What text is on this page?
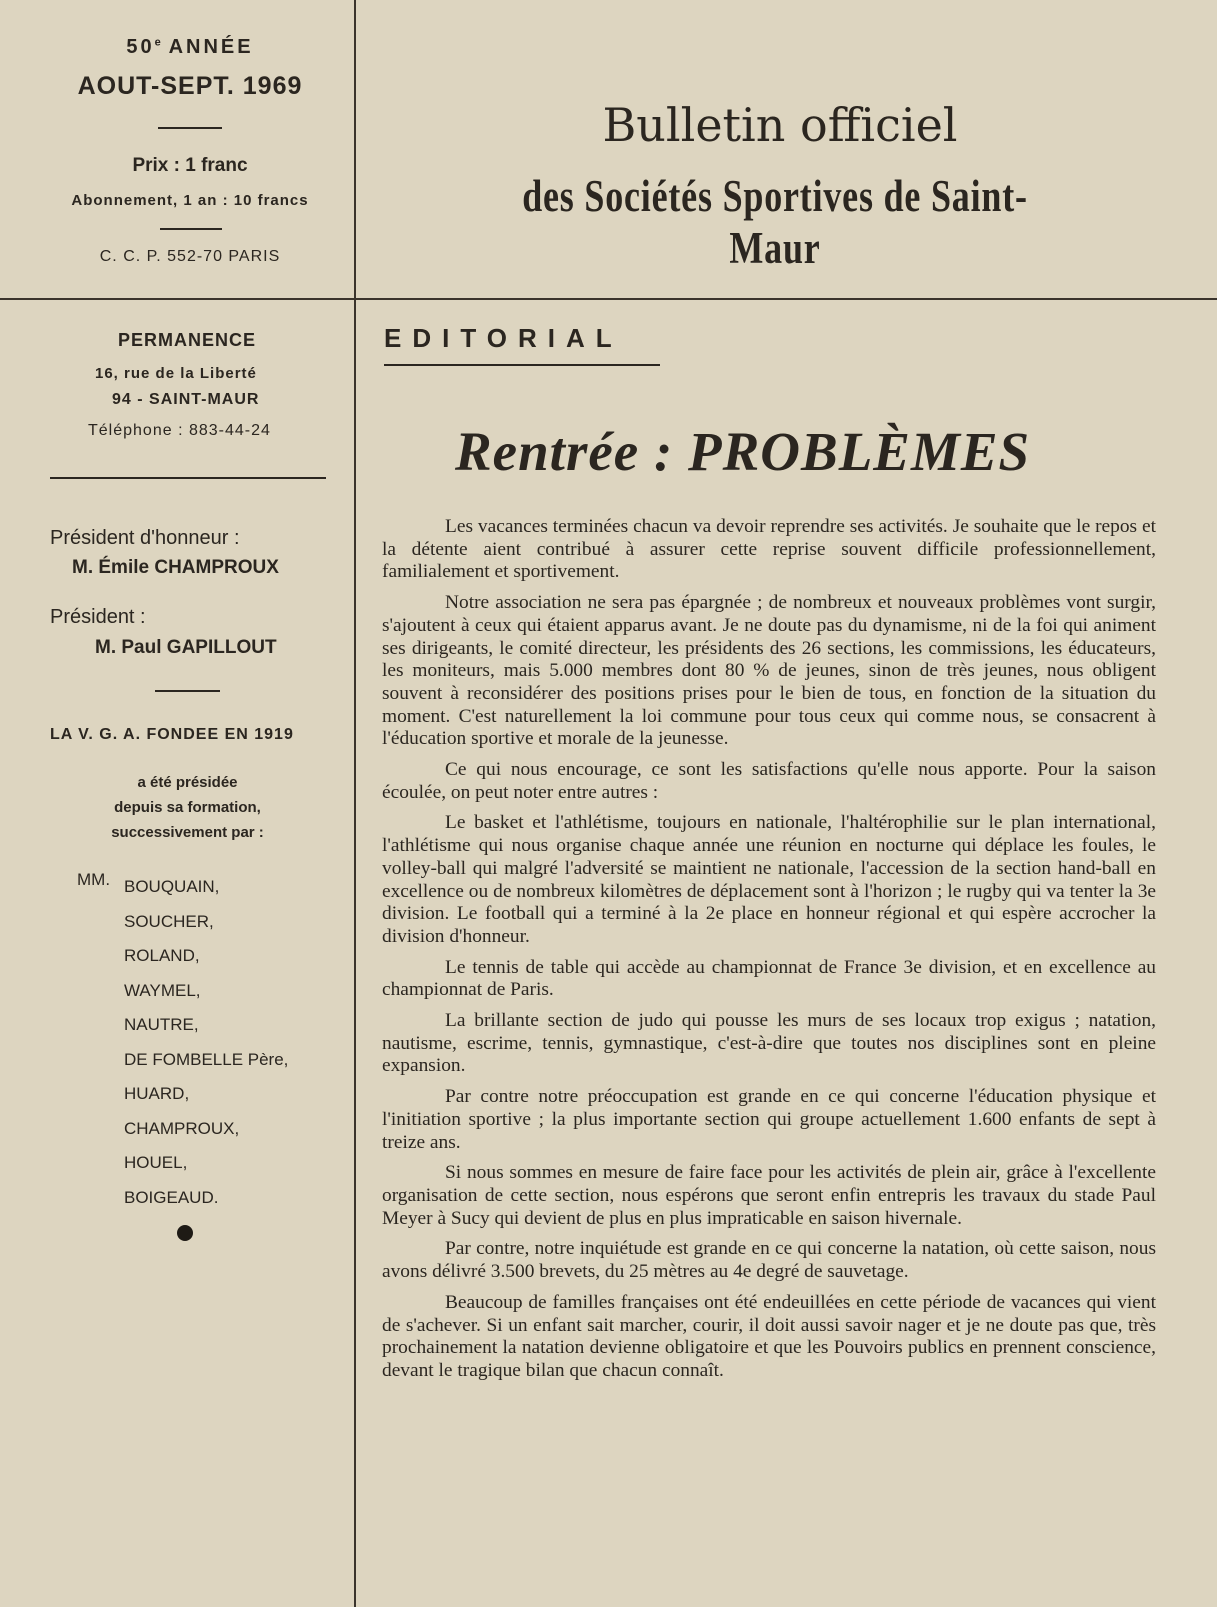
50e ANNÉE
AOUT-SEPT. 1969
Prix : 1 franc
Abonnement, 1 an : 10 francs
C. C. P. 552-70 PARIS
Bulletin officiel
des Sociétés Sportives de Saint-Maur
PERMANENCE
16, rue de la Liberté
94 - SAINT-MAUR
Téléphone : 883-44-24
Président d'honneur :
M. Émile CHAMPROUX
Président :
M. Paul GAPILLOUT
LA V. G. A. FONDEE EN 1919
a été présidée
depuis sa formation,
successivement par :
MM. BOUQUAIN,
SOUCHER,
ROLAND,
WAYMEL,
NAUTRE,
DE FOMBELLE Père,
HUARD,
CHAMPROUX,
HOUEL,
BOIGEAUD.
EDITORIAL
Rentrée : PROBLÈMES

Les vacances terminées chacun va devoir reprendre ses activités. Je souhaite que le repos et la détente aient contribué à assurer cette reprise souvent difficile professionnellement, familialement et sportivement.

Notre association ne sera pas épargnée ; de nombreux et nouveaux problèmes vont surgir, s'ajoutent à ceux qui étaient apparus avant. Je ne doute pas du dynamisme, ni de la foi qui animent ses dirigeants, le comité directeur, les présidents des 26 sections, les commissions, les éducateurs, les moniteurs, mais 5.000 membres dont 80 % de jeunes, sinon de très jeunes, nous obligent souvent à reconsidérer des positions prises pour le bien de tous, en fonction de la situation du moment. C'est naturellement la loi commune pour tous ceux qui comme nous, se consacrent à l'éducation sportive et morale de la jeunesse.

Ce qui nous encourage, ce sont les satisfactions qu'elle nous apporte. Pour la saison écoulée, on peut noter entre autres :

Le basket et l'athlétisme, toujours en nationale, l'haltérophilie sur le plan international, l'athlétisme qui nous organise chaque année une réunion en nocturne qui déplace les foules, le volley-ball qui malgré l'adversité se maintient ne nationale, l'accession de la section hand-ball en excellence ou de nombreux kilomètres de déplacement sont à l'horizon ; le rugby qui va tenter la 3e division. Le football qui a terminé à la 2e place en honneur régional et qui espère accrocher la division d'honneur.

Le tennis de table qui accède au championnat de France 3e division, et en excellence au championnat de Paris.

La brillante section de judo qui pousse les murs de ses locaux trop exigus ; natation, nautisme, escrime, tennis, gymnastique, c'est-à-dire que toutes nos disciplines sont en pleine expansion.

Par contre notre préoccupation est grande en ce qui concerne l'éducation physique et l'initiation sportive ; la plus importante section qui groupe actuellement 1.600 enfants de sept à treize ans.

Si nous sommes en mesure de faire face pour les activités de plein air, grâce à l'excellente organisation de cette section, nous espérons que seront enfin entrepris les travaux du stade Paul Meyer à Sucy qui devient de plus en plus impraticable en saison hivernale.

Par contre, notre inquiétude est grande en ce qui concerne la natation, où cette saison, nous avons délivré 3.500 brevets, du 25 mètres au 4e degré de sauvetage.

Beaucoup de familles françaises ont été endeuillées en cette période de vacances qui vient de s'achever. Si un enfant sait marcher, courir, il doit aussi savoir nager et je ne doute pas que, très prochainement la natation devienne obligatoire et que les Pouvoirs publics en prennent conscience, devant le tragique bilan que chacun connaît.
